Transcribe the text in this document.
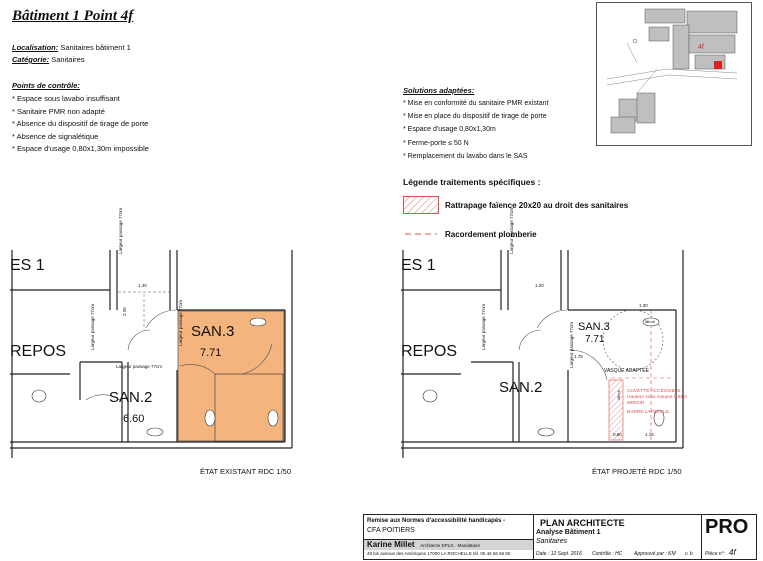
Bâtiment 1 Point 4f
Localisation: Sanitaires bâtiment 1
Catégorie: Sanitaires
Points de contrôle:
* Espace sous lavabo insuffisant
* Sanitaire PMR non adapté
* Absence du dispositif de tirage de porte
* Absence de signalétique
* Espace d'usage 0,80x1,30m impossible
Solutions adaptées:
* Mise en conformité du sanitaire PMR existant
* Mise en place du dispositif de tirage de porte
* Espace d'usage 0,80x1,30m
* Ferme-porte ≤ 50 N
* Remplacement du lavabo dans le SAS
Légende traitements spécifiques :
Rattrapage faïence 20x20 au droit des sanitaires
Racordement plomberie
4f
ES 1
REPOS
SAN.3
7.71
SAN.2
6.60
1.40
2.26
Largeur passage 77cm	Largeur passage 77cm
Largeur passage 77cm
Largeur passage 77cm
ÉTAT EXISTANT RDC 1/50
ES 1
REPOS
SAN.3
7.71
SAN.2
1.20
1.30
1.75
0.80	1.15
VASQUE ADAPTÉE
CUVETTE ACCESSIBLE
Hauteur sous vasque 0,65m
MIROIR
BARRE LATÉRALE
Miroir
Miroir
Largeur passage 77cm	Largeur passage 77cm
Largeur passage 77cm
ÉTAT PROJETÉ RDC 1/50
Remise aux Normes d'accessibilité handicapés -
CFA POITIERS
Karine Millet Architecte DPLG . Mandataire
49 bis avenue des Amériques 17000 LA ROCHELLE tél. 05 46 56 56 50
PLAN ARCHITECTE
Analyse Bâtiment 1
Sanitaires
Date : 12 Sept. 2016 Contrôle : HC Approuvé par : KM v. b
PRO
Pièce n°: 4f
